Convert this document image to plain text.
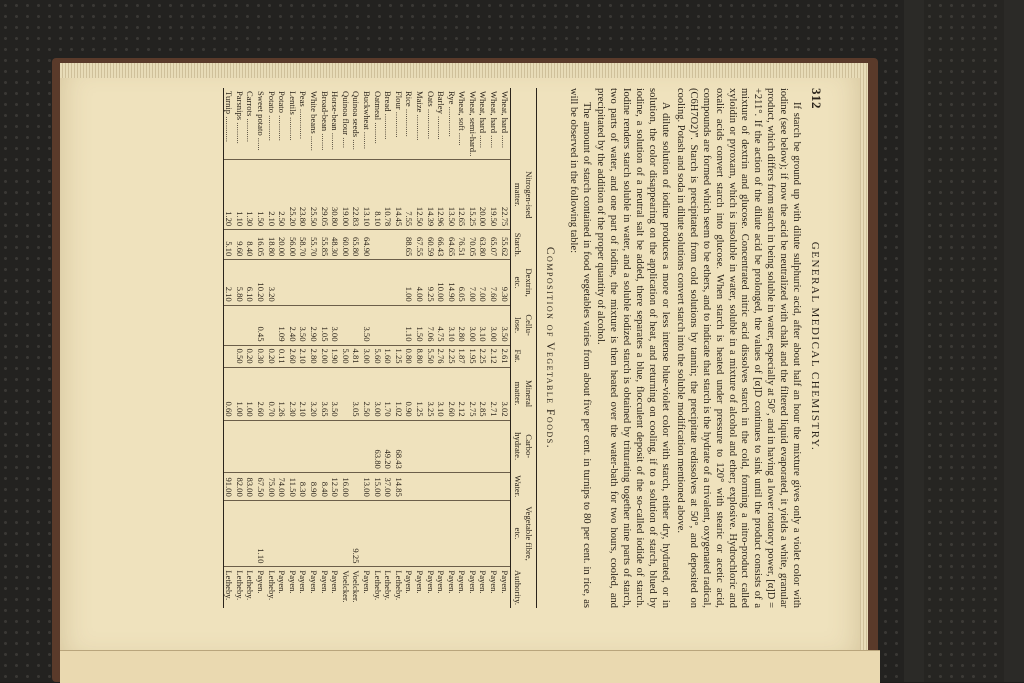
312
GENERAL MEDICAL CHEMISTRY.

If starch be ground up with dilute sulphuric acid, after about half an hour the mixture gives only a violet color with iodine (see below); if now the acid be neutralized with chalk and the filtered liquid evaporated, it yields a white, granular product, which differs from starch in being soluble in water, especially at 50°, and in having a lower rotatory power, [α]D = +211°. If the action of the dilute acid be prolonged, the values of [α]D continues to sink until the product consists of a mixture of dextrin and glucose. Concentrated nitric acid dissolves starch in the cold, forming a nitro-product called xyloidin or pyroxam, which is insoluble in water, soluble in a mixture of alcohol and ether; explosive. Hydrochloric and oxalic acids convert starch into glucose. When starch is heated under pressure to 120° with stearic or acetic acid, compounds are formed which seem to be ethers, and to indicate that starch is the hydrate of a trivalent, oxygenated radical, (C6H7O2)‴. Starch is precipitated from cold solutions by tannin; the precipitate redissolves at 50°, and deposited on cooling. Potash and soda in dilute solutions convert starch into the soluble modification mentioned above.

A dilute solution of iodine produces a more or less intense blue-violet color with starch, either dry, hydrated, or in solution, the color disappearing on the application of heat, and returning on cooling, if to a solution of starch, blued by iodine, a solution of a neutral salt be added, there separates a blue, flocculent deposit of the so-called iodide of starch. Iodine renders starch soluble in water, and a soluble iodized starch is obtained by triturating together nine parts of starch, two parts of water, and one part of iodine, the mixture is then heated over the water-bath for two hours, cooled, and precipitated by the addition of the proper quantity of alcohol.

The amount of starch contained in food vegetables varies from about five per cent. in turnips to 80 per cent. in rice, as will be observed in the following table:

Composition of Vegetable Foods.
	Nitrogen-ised matter.	Starch.	Dextrin, etc.	Cellu-lose.	Fat.	Mineral matter.	Carbo-hydrate.	Water.	Vegetable fibre, etc.	Authority.
Wheat, hard ......	22.75	55.62	9.30	3.50	2.61	3.02				Payen.
Wheat, hard ......	19.50	65.07	7.60	3.00	2.12	2.71				Payen.
Wheat, hard ......	20.00	63.80	7.00	3.10	2.25	2.85				Payen.
Wheat, semi-hard..	15.25	70.05	7.00	3.00	1.95	2.75				Payen.
Wheat, soft ......	12.65	76.51	6.05	2.80	1.87	2.12				Payen.
Rye ..............	13.50	64.65	14.90	3.10	2.25	2.60				Payen.
Barley ...........	12.96	66.43	10.00	4.75	2.76	3.10				Payen.
Oats ..............	14.39	60.59	9.25	7.06	5.50	3.25				Payen.
Maize ............	12.50	67.55	4.00	1.50	8.80	1.25				Payen.
Rice .............	7.55	88.65	1.00	1.10	0.80	0.90				Payen.
Flour ............	14.45				1.25	1.02	68.43	14.85		Letheby.
Bread ............	10.78				1.60	1.70	49.20	37.00		Letheby.
Oatmeal ..........	8.10				5.60	3.00	63.80	15.00		Letheby.
Buckwheat ........	13.10	64.90		3.50	3.00	2.50		13.00		Payen.
Quinoa seeds .....	22.83	65.80			4.81	3.05			9.25	Voelcker.
Quinoa flour .....	19.00	60.00			5.00			16.00		Voelcker.
Horse-bean ........	30.80	48.30		3.00	1.90	3.50		12.50		Payen.
Broad-bean ........	29.05	55.85		1.05	2.00	3.65		8.40		Payen.
White beans .......	25.50	55.70		2.90	2.80	3.20		8.90		Payen.
Peas ..............	23.80	58.70		3.50	2.10	2.10		8.30		Payen.
Lentils ...........	25.20	56.00		2.40	2.60	2.30		11.50		Payen.
Potato ............	2.50	20.00		1.09	0.11	1.26		74.00		Payen.
Potato ............	2.10	18.80	3.20		0.20	0.70		75.00		Letheby.
Sweet potato ......	1.50	16.05	10.20	0.45	0.30	2.60		67.50	1.10	Payen.
Carrots ...........	1.30	8.40	6.10		0.20	1.00		83.00		Letheby.
Parsnips ..........	1.10	9.60	5.80		0.50	1.00		82.00		Letheby.
Turnip ............	1.20	5.10	2.10			0.60		91.00		Letheby.
